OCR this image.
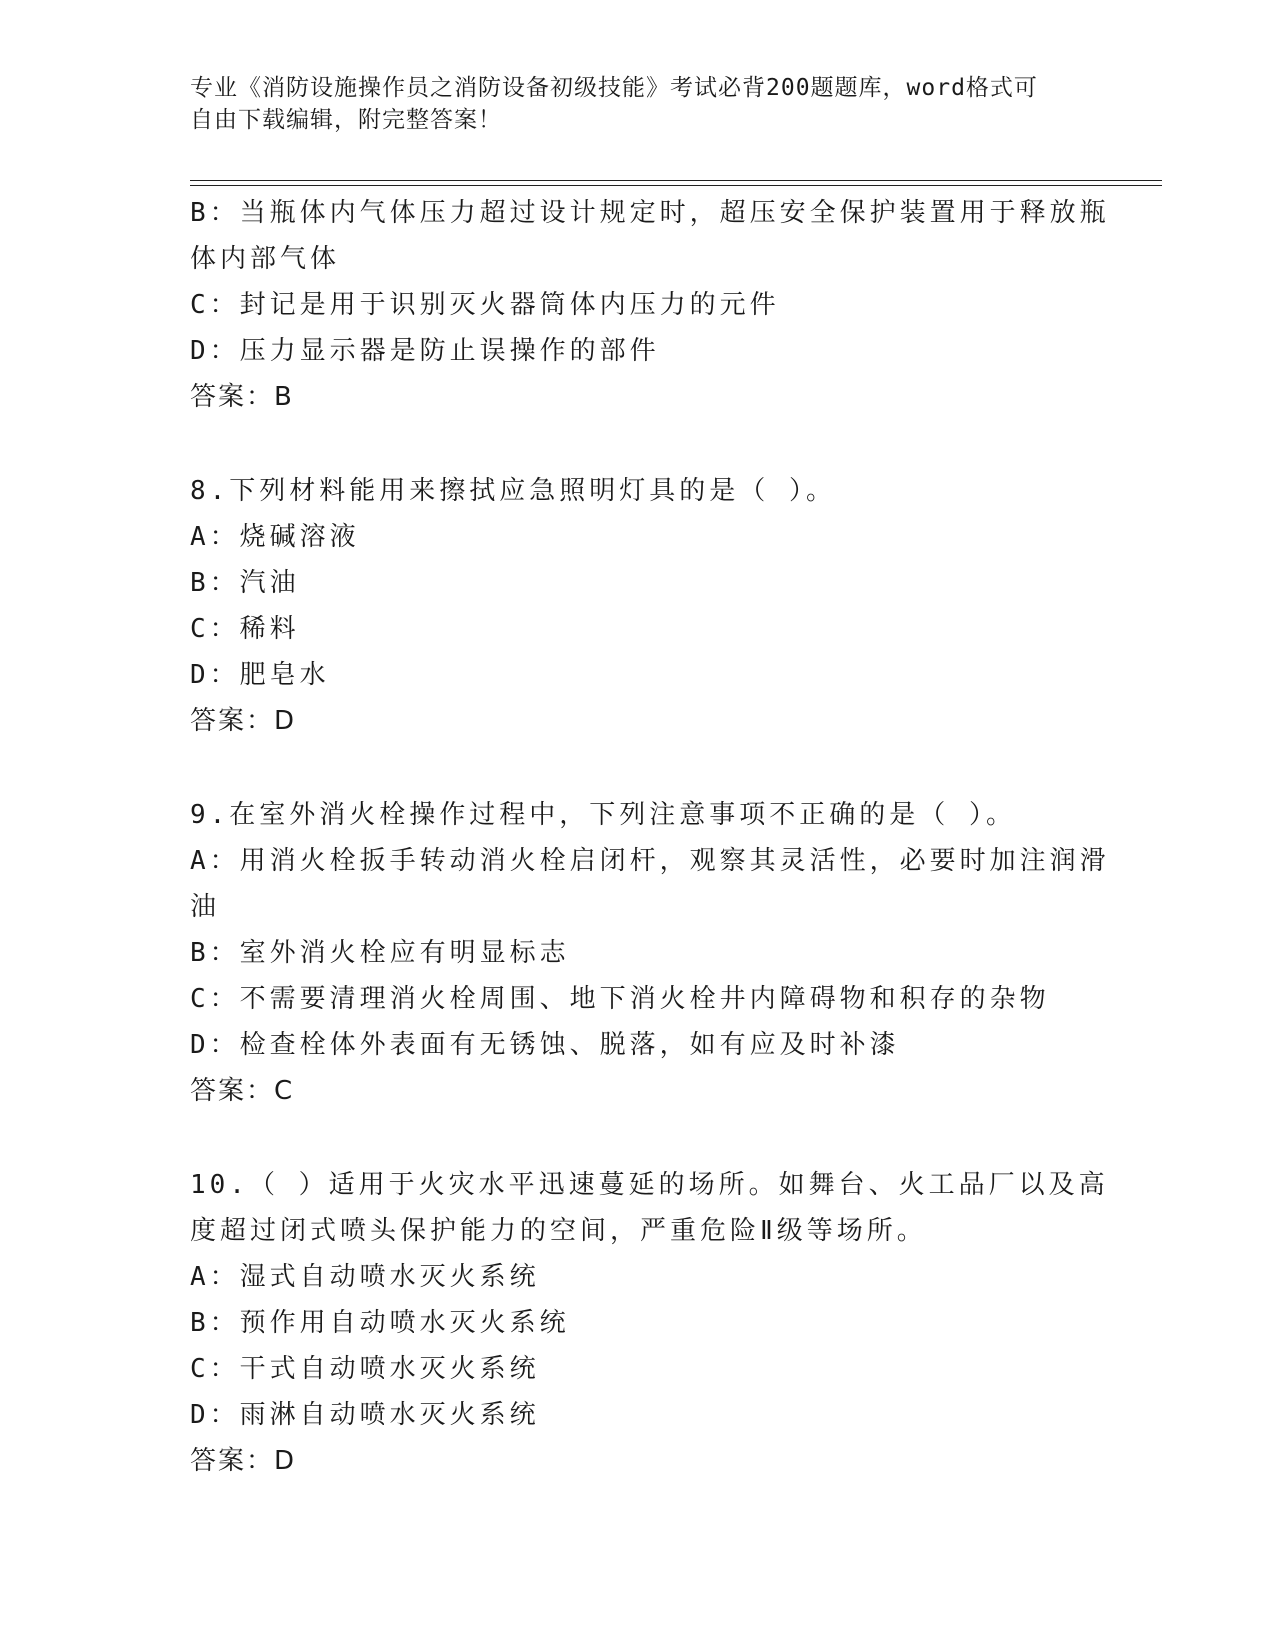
专业《消防设施操作员之消防设备初级技能》考试必背200题题库，word格式可
自由下载编辑，附完整答案！
B：当瓶体内气体压力超过设计规定时，超压安全保护装置用于释放瓶
体内部气体
C：封记是用于识别灭火器筒体内压力的元件
D：压力显示器是防止误操作的部件
答案：B
8.下列材料能用来擦拭应急照明灯具的是（ ）。
A：烧碱溶液
B：汽油
C：稀料
D：肥皂水
答案：D
9.在室外消火栓操作过程中，下列注意事项不正确的是（ ）。
A：用消火栓扳手转动消火栓启闭杆，观察其灵活性，必要时加注润滑
油
B：室外消火栓应有明显标志
C：不需要清理消火栓周围、地下消火栓井内障碍物和积存的杂物
D：检查栓体外表面有无锈蚀、脱落，如有应及时补漆
答案：C
10.（ ）适用于火灾水平迅速蔓延的场所。如舞台、火工品厂以及高
度超过闭式喷头保护能力的空间，严重危险Ⅱ级等场所。
A：湿式自动喷水灭火系统
B：预作用自动喷水灭火系统
C：干式自动喷水灭火系统
D：雨淋自动喷水灭火系统
答案：D
